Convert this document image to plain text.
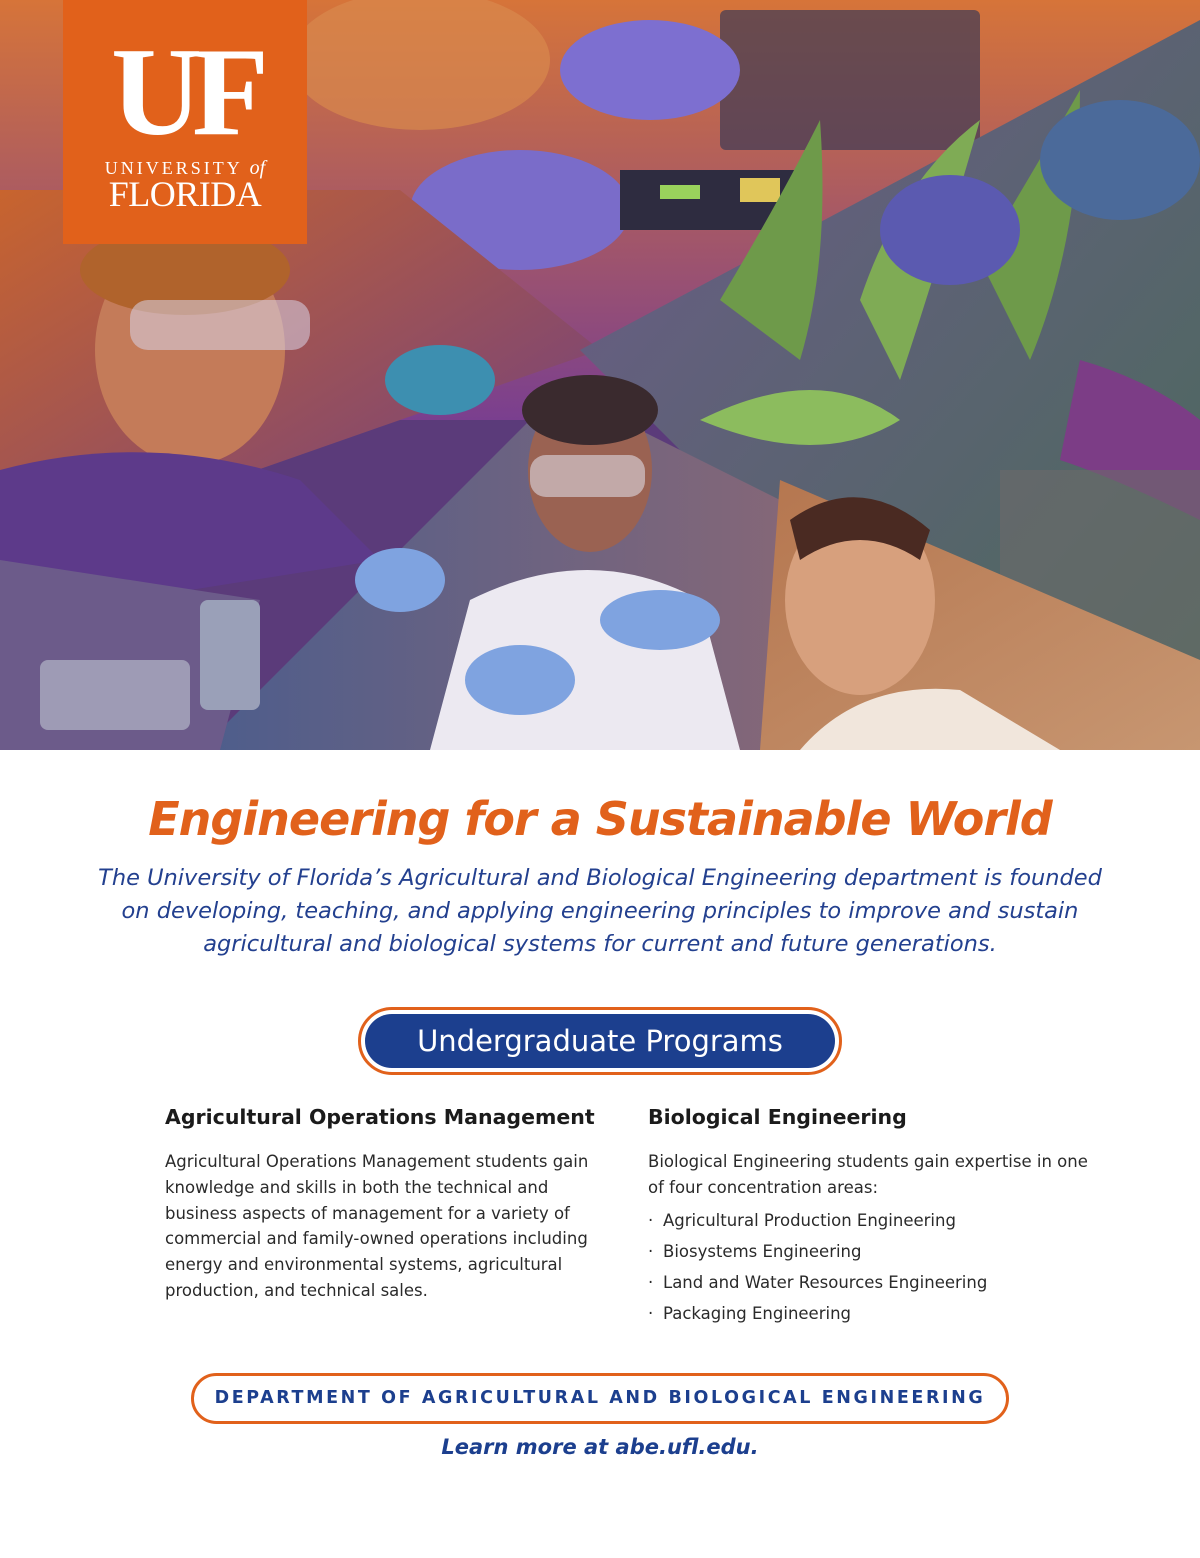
UF
UNIVERSITY of
FLORIDA
Engineering for a Sustainable World
The University of Florida’s Agricultural and Biological Engineering department is founded on developing, teaching, and applying engineering principles to improve and sustain agricultural and biological systems for current and future generations.
Undergraduate Programs
Agricultural Operations Management

Agricultural Operations Management students gain knowledge and skills in both the technical and business aspects of management for a variety of commercial and family-owned operations including energy and environmental systems, agricultural production, and technical sales.

Biological Engineering

Biological Engineering students gain expertise in one of four concentration areas:

· Agricultural Production Engineering
· Biosystems Engineering
· Land and Water Resources Engineering
· Packaging Engineering
DEPARTMENT OF AGRICULTURAL AND BIOLOGICAL ENGINEERING
Learn more at abe.ufl.edu.
